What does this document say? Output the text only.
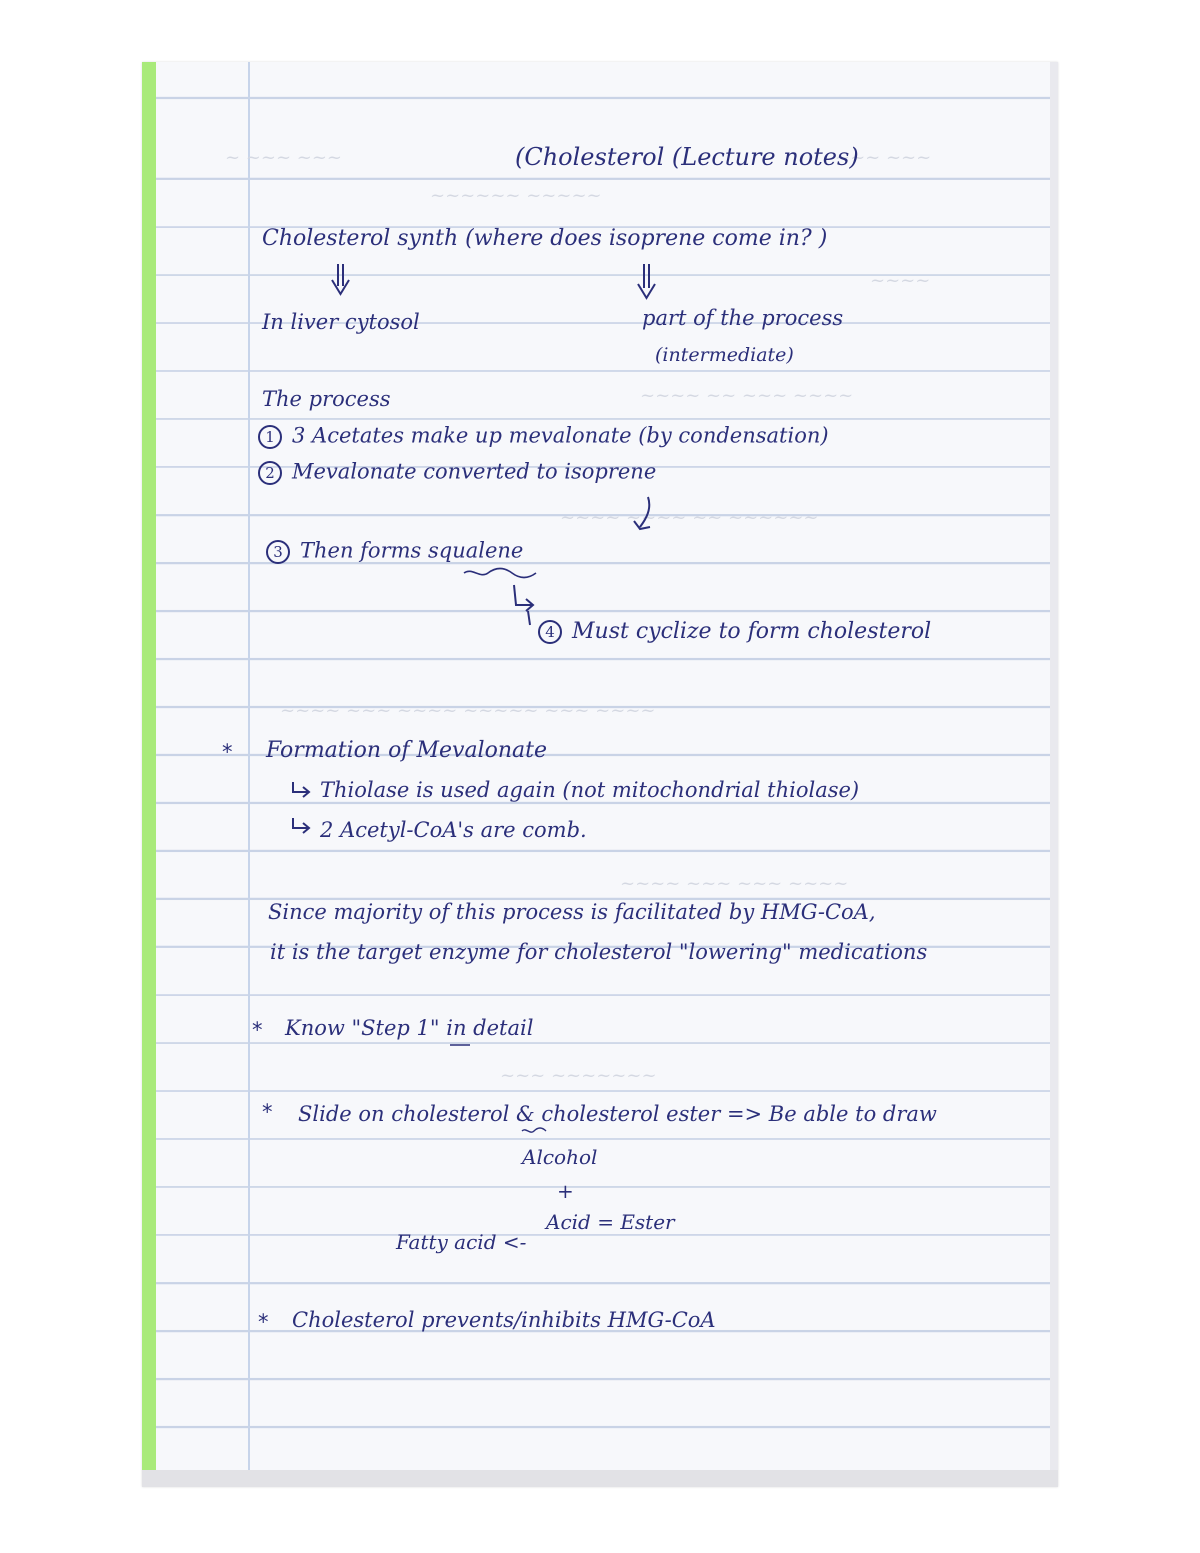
~ ~~~ ~~~	~~~ ~~~
~~~~~~ ~~~~~
~~~~
~~~~ ~~ ~~~ ~~~~
~~~~ ~~~~ ~~ ~~~~~~
~~~~ ~~~ ~~~~ ~~~~~ ~~~ ~~~~
~~~~ ~~~ ~~~ ~~~~
~~~ ~~~~~~~
(Cholesterol (Lecture notes)
Cholesterol synth (where does isoprene come in? )
In liver cytosol	part of the process
(intermediate)
The process
1 3 Acetates make up mevalonate (by condensation)
2 Mevalonate converted to isoprene
3 Then forms squalene
4 Must cyclize to form cholesterol
* Formation of Mevalonate
Thiolase is used again (not mitochondrial thiolase)
2 Acetyl-CoA's are comb.
Since majority of this process is facilitated by HMG-CoA,
it is the target enzyme for cholesterol "lowering" medications
* Know "Step 1" in detail
* Slide on cholesterol & cholesterol ester => Be able to draw
Alcohol
+
Acid = Ester
Fatty acid <-
* Cholesterol prevents/inhibits HMG-CoA
